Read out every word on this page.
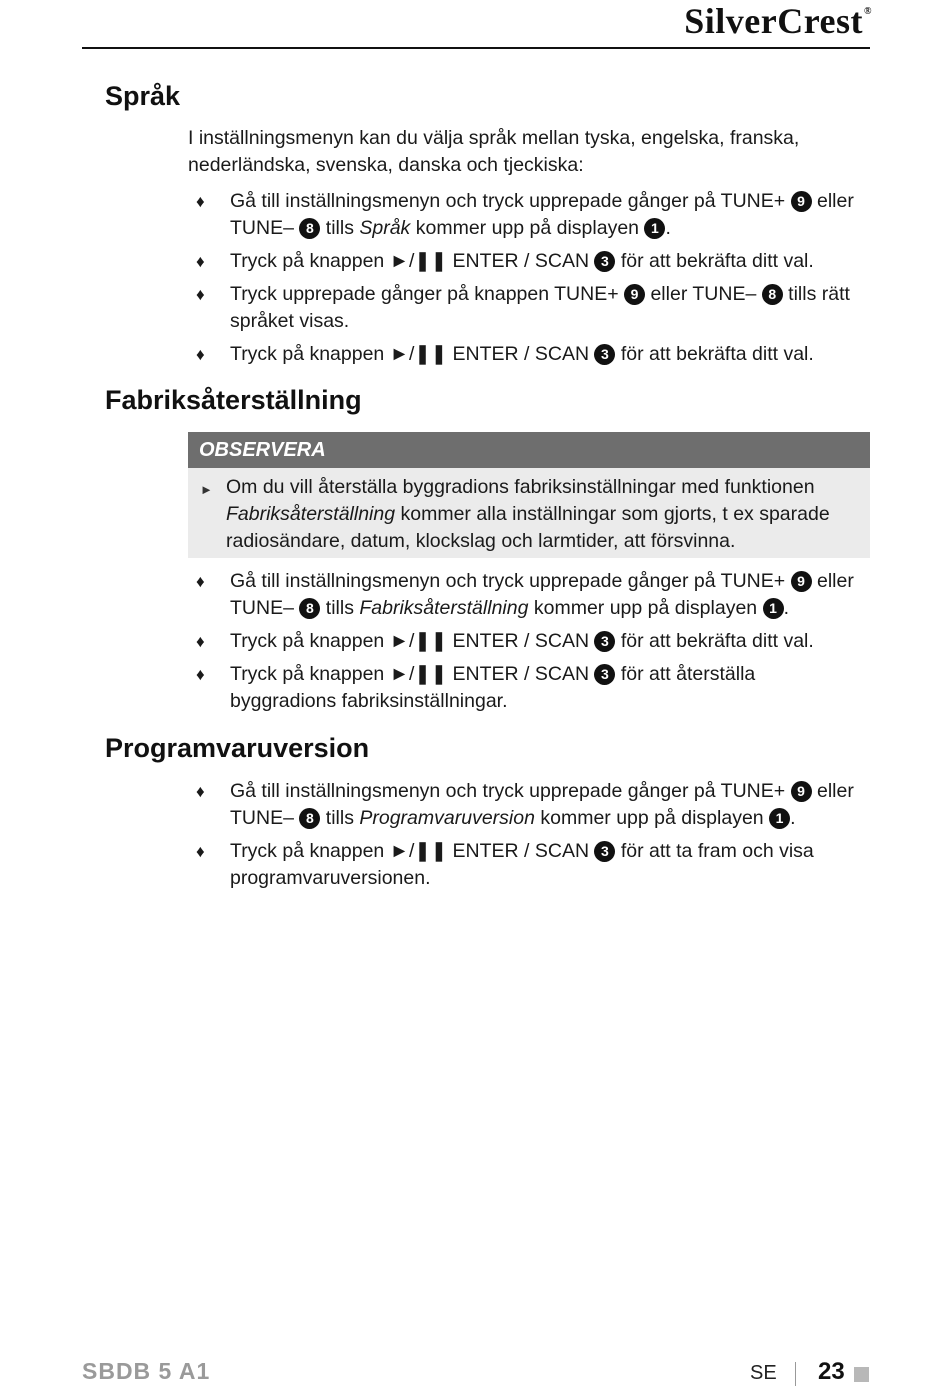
SilverCrest®
Språk

I inställningsmenyn kan du välja språk mellan tyska, engelska, franska, nederländska, svenska, danska och tjeckiska:

♦ Gå till inställningsmenyn och tryck upprepade gånger på TUNE+ 9 eller TUNE– 8 tills Språk kommer upp på displayen 1 .
♦ Tryck på knappen ►/❚❚ ENTER / SCAN 3 för att bekräfta ditt val.
♦ Tryck upprepade gånger på knappen TUNE+ 9 eller TUNE– 8 tills rätt språket visas.
♦ Tryck på knappen ►/❚❚ ENTER / SCAN 3 för att bekräfta ditt val.
Fabriksåterställning
OBSERVERA
► Om du vill återställa byggradions fabriksinställningar med funktionen Fabriksåterställning kommer alla inställningar som gjorts, t ex sparade radiosändare, datum, klockslag och larmtider, att försvinna.
♦ Gå till inställningsmenyn och tryck upprepade gånger på TUNE+ 9 eller TUNE– 8 tills Fabriksåterställning kommer upp på displayen 1 .
♦ Tryck på knappen ►/❚❚ ENTER / SCAN 3 för att bekräfta ditt val.
♦ Tryck på knappen ►/❚❚ ENTER / SCAN 3 för att återställa byggradions fabriksinställningar.
Programvaruversion
♦ Gå till inställningsmenyn och tryck upprepade gånger på TUNE+ 9 eller TUNE– 8 tills Programvaruversion kommer upp på displayen 1 .
♦ Tryck på knappen ►/❚❚ ENTER / SCAN 3 för att ta fram och visa programvaruversionen.
SBDB 5 A1	SE 23
